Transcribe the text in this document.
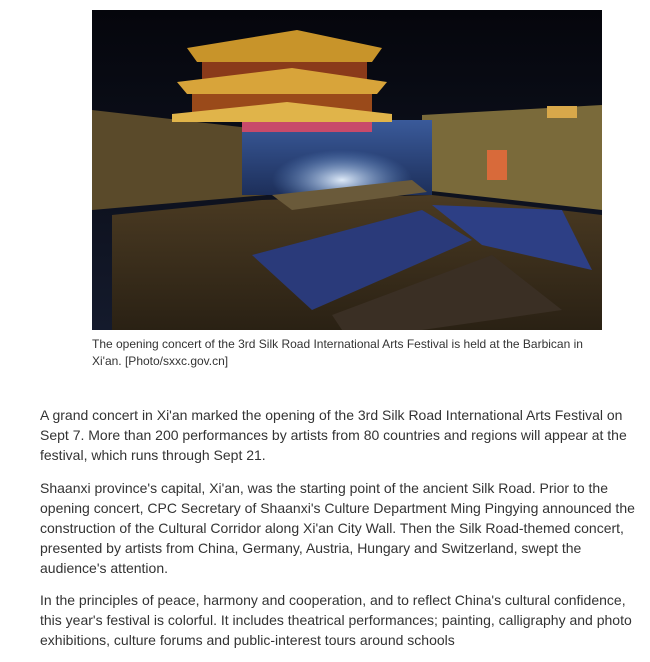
The opening concert of the 3rd Silk Road International Arts Festival is held at the Barbican in Xi'an. [Photo/sxxc.gov.cn]

A grand concert in Xi'an marked the opening of the 3rd Silk Road International Arts Festival on Sept 7. More than 200 performances by artists from 80 countries and regions will appear at the festival, which runs through Sept 21.

Shaanxi province's capital, Xi'an, was the starting point of the ancient Silk Road. Prior to the opening concert, CPC Secretary of Shaanxi's Culture Department Ming Pingying announced the construction of the Cultural Corridor along Xi'an City Wall. Then the Silk Road-themed concert, presented by artists from China, Germany, Austria, Hungary and Switzerland, swept the audience's attention.

In the principles of peace, harmony and cooperation, and to reflect China's cultural confidence, this year's festival is colorful. It includes theatrical performances; painting, calligraphy and photo exhibitions, culture forums and public-interest tours around schools
